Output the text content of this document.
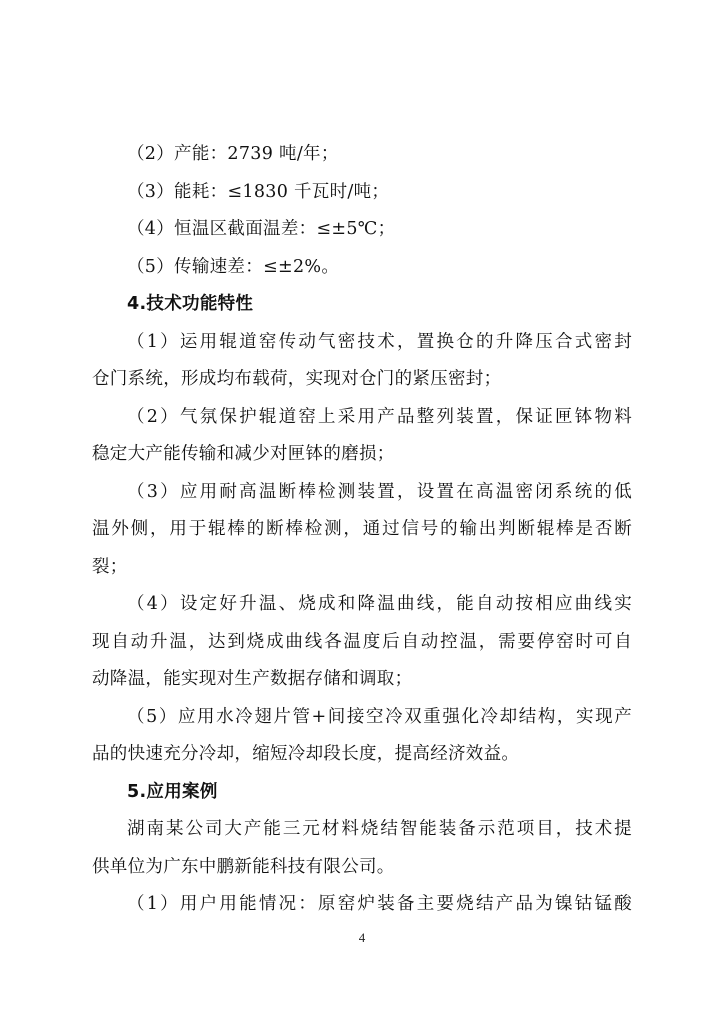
（2）产能：2739 吨/年；
（3）能耗：≤1830 千瓦时/吨；
（4）恒温区截面温差：≤±5℃；
（5）传输速差：≤±2%。
4.技术功能特性
（1）运用辊道窑传动气密技术，置换仓的升降压合式密封
仓门系统，形成均布载荷，实现对仓门的紧压密封；
（2）气氛保护辊道窑上采用产品整列装置，保证匣钵物料
稳定大产能传输和减少对匣钵的磨损；
（3）应用耐高温断棒检测装置，设置在高温密闭系统的低
温外侧，用于辊棒的断棒检测，通过信号的输出判断辊棒是否断
裂；
（4）设定好升温、烧成和降温曲线，能自动按相应曲线实
现自动升温，达到烧成曲线各温度后自动控温，需要停窑时可自
动降温，能实现对生产数据存储和调取；
（5）应用水冷翅片管+间接空冷双重强化冷却结构，实现产
品的快速充分冷却，缩短冷却段长度，提高经济效益。
5.应用案例
湖南某公司大产能三元材料烧结智能装备示范项目，技术提
供单位为广东中鹏新能科技有限公司。
（1）用户用能情况：原窑炉装备主要烧结产品为镍钴锰酸
4
